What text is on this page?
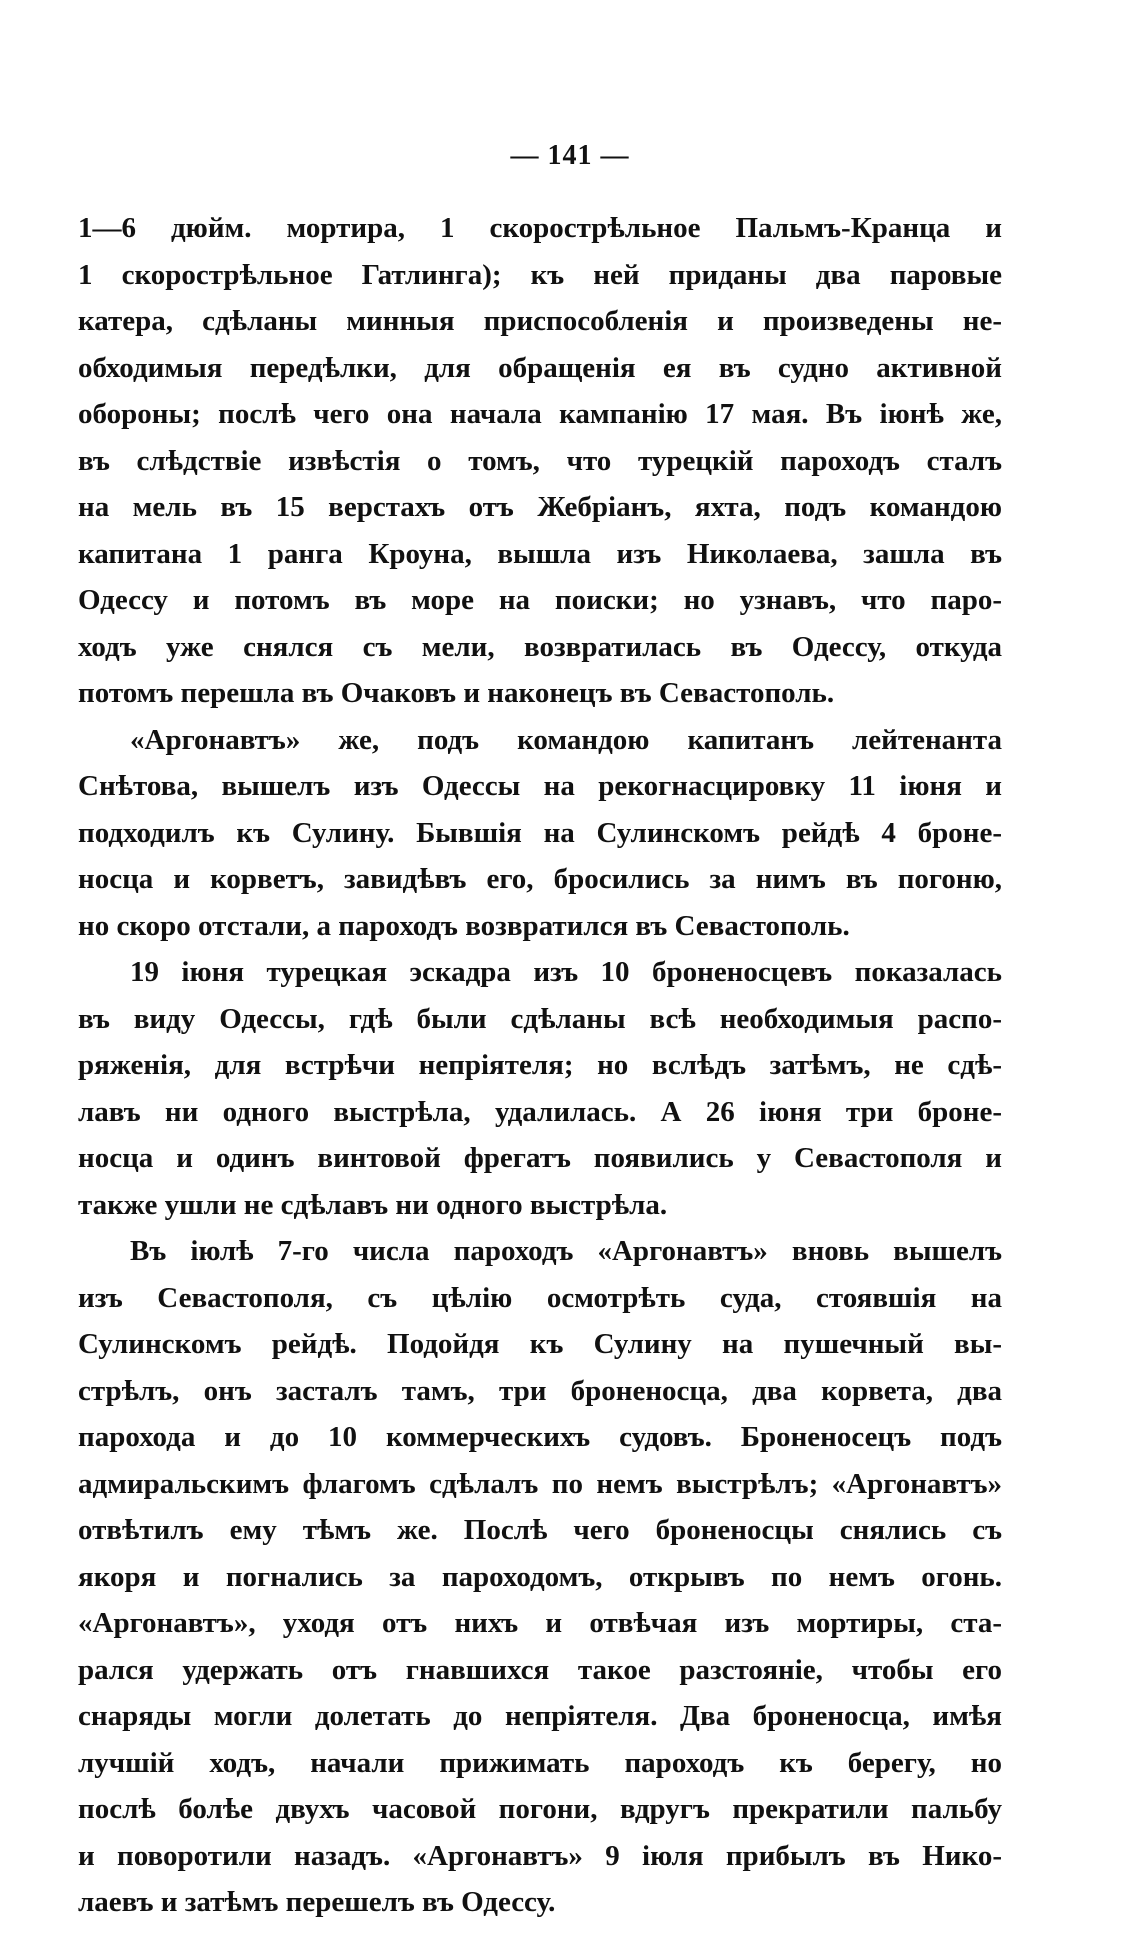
— 141 —
1—6 дюйм. мортира, 1 скорострѣльное Пальмъ-Кранца и
1 скорострѣльное Гатлинга); къ ней приданы два паровые
катера, сдѣланы минныя приспособленія и произведены не-
обходимыя передѣлки, для обращенія ея въ судно активной
обороны; послѣ чего она начала кампанію 17 мая. Въ іюнѣ же,
въ слѣдствіе извѣстія о томъ, что турецкій пароходъ сталъ
на мель въ 15 верстахъ отъ Жебріанъ, яхта, подъ командою
капитана 1 ранга Кроуна, вышла изъ Николаева, зашла въ
Одессу и потомъ въ море на поиски; но узнавъ, что паро-
ходъ уже снялся съ мели, возвратилась въ Одессу, откуда
потомъ перешла въ Очаковъ и наконецъ въ Севастополь.
«Аргонавтъ» же, подъ командою капитанъ лейтенанта
Снѣтова, вышелъ изъ Одессы на рекогнасцировку 11 іюня и
подходилъ къ Сулину. Бывшія на Сулинскомъ рейдѣ 4 броне-
носца и корветъ, завидѣвъ его, бросились за нимъ въ погоню,
но скоро отстали, а пароходъ возвратился въ Севастополь.
19 іюня турецкая эскадра изъ 10 броненосцевъ показалась
въ виду Одессы, гдѣ были сдѣланы всѣ необходимыя распо-
ряженія, для встрѣчи непріятеля; но вслѣдъ затѣмъ, не сдѣ-
лавъ ни одного выстрѣла, удалилась. А 26 іюня три броне-
носца и одинъ винтовой фрегатъ появились у Севастополя и
также ушли не сдѣлавъ ни одного выстрѣла.
Въ іюлѣ 7-го числа пароходъ «Аргонавтъ» вновь вышелъ
изъ Севастополя, съ цѣлію осмотрѣть суда, стоявшія на
Сулинскомъ рейдѣ. Подойдя къ Сулину на пушечный вы-
стрѣлъ, онъ засталъ тамъ, три броненосца, два корвета, два
парохода и до 10 коммерческихъ судовъ. Броненосецъ подъ
адмиральскимъ флагомъ сдѣлалъ по немъ выстрѣлъ; «Аргонавтъ»
отвѣтилъ ему тѣмъ же. Послѣ чего броненосцы снялись съ
якоря и погнались за пароходомъ, открывъ по немъ огонь.
«Аргонавтъ», уходя отъ нихъ и отвѣчая изъ мортиры, ста-
рался удержать отъ гнавшихся такое разстояніе, чтобы его
снаряды могли долетать до непріятеля. Два броненосца, имѣя
лучшій ходъ, начали прижимать пароходъ къ берегу, но
послѣ болѣе двухъ часовой погони, вдругъ прекратили пальбу
и поворотили назадъ. «Аргонавтъ» 9 іюля прибылъ въ Нико-
лаевъ и затѣмъ перешелъ въ Одессу.
